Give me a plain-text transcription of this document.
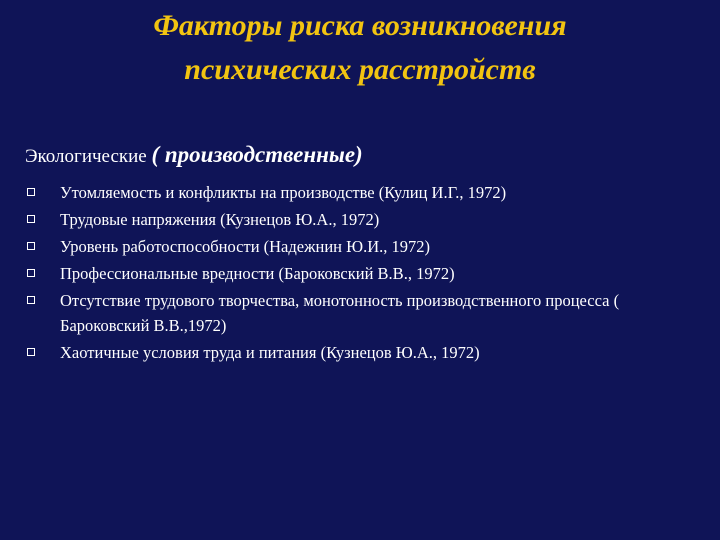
Факторы риска возникновения
психических расстройств
Экологические ( производственные)
Утомляемость и конфликты на производстве (Кулиц И.Г., 1972)
Трудовые напряжения (Кузнецов Ю.А., 1972)
Уровень работоспособности (Надежнин Ю.И., 1972)
Профессиональные вредности (Бароковский В.В., 1972)
Отсутствие трудового творчества, монотонность производственного процесса ( Бароковский В.В.,1972)
Хаотичные условия труда и питания (Кузнецов Ю.А., 1972)
